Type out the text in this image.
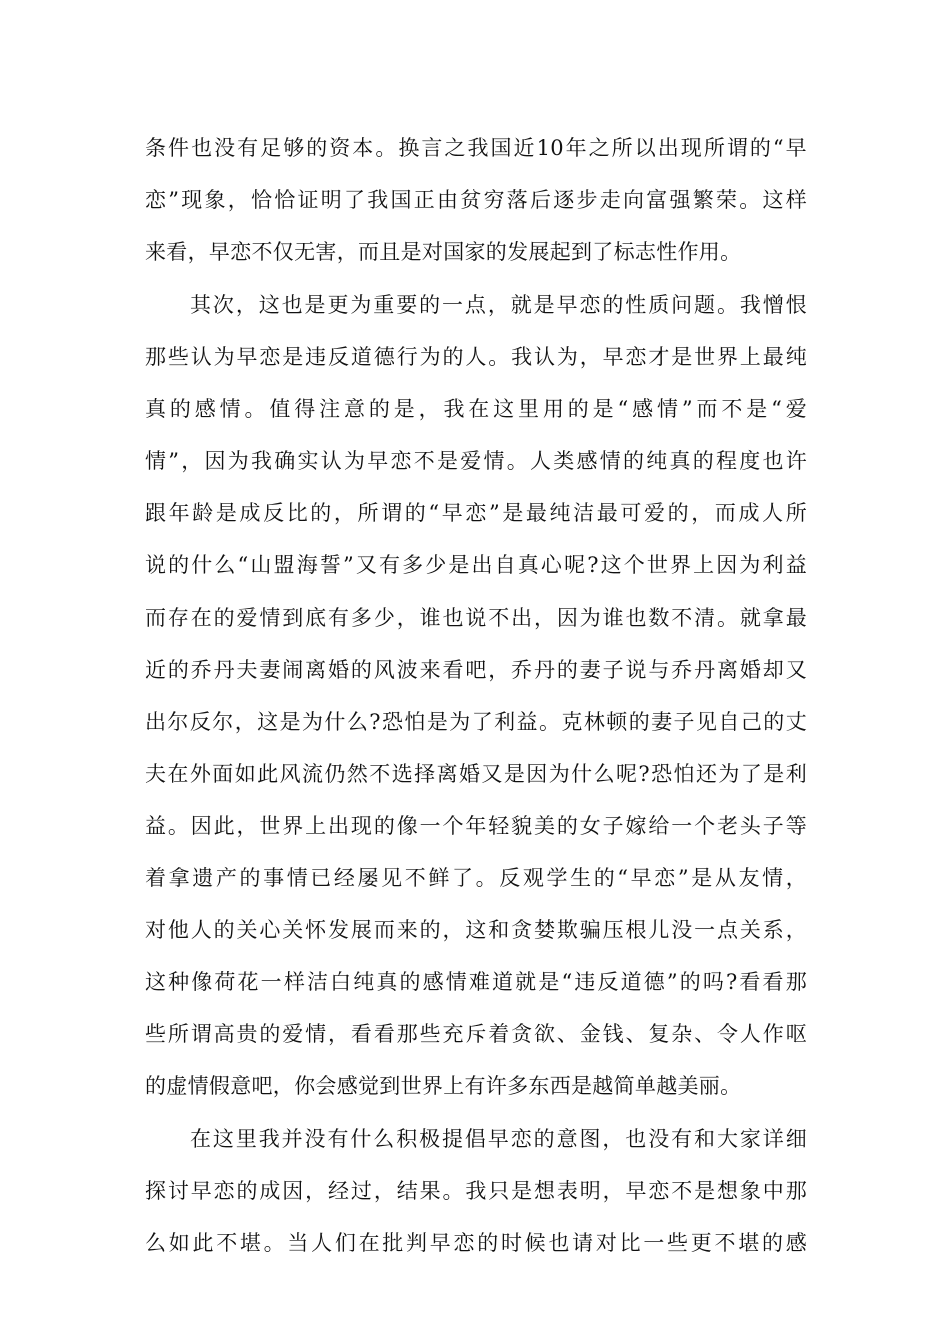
条件也没有足够的资本。换言之我国近10年之所以出现所谓的“早
恋”现象，恰恰证明了我国正由贫穷落后逐步走向富强繁荣。这样
来看，早恋不仅无害，而且是对国家的发展起到了标志性作用。
其次，这也是更为重要的一点，就是早恋的性质问题。我憎恨
那些认为早恋是违反道德行为的人。我认为，早恋才是世界上最纯
真的感情。值得注意的是，我在这里用的是“感情”而不是“爱
情”，因为我确实认为早恋不是爱情。人类感情的纯真的程度也许
跟年龄是成反比的，所谓的“早恋”是最纯洁最可爱的，而成人所
说的什么“山盟海誓”又有多少是出自真心呢?这个世界上因为利益
而存在的爱情到底有多少，谁也说不出，因为谁也数不清。就拿最
近的乔丹夫妻闹离婚的风波来看吧，乔丹的妻子说与乔丹离婚却又
出尔反尔，这是为什么?恐怕是为了利益。克林顿的妻子见自己的丈
夫在外面如此风流仍然不选择离婚又是因为什么呢?恐怕还为了是利
益。因此，世界上出现的像一个年轻貌美的女子嫁给一个老头子等
着拿遗产的事情已经屡见不鲜了。反观学生的“早恋”是从友情，
对他人的关心关怀发展而来的，这和贪婪欺骗压根儿没一点关系，
这种像荷花一样洁白纯真的感情难道就是“违反道德”的吗?看看那
些所谓高贵的爱情，看看那些充斥着贪欲、金钱、复杂、令人作呕
的虚情假意吧，你会感觉到世界上有许多东西是越简单越美丽。
在这里我并没有什么积极提倡早恋的意图，也没有和大家详细
探讨早恋的成因，经过，结果。我只是想表明，早恋不是想象中那
么如此不堪。当人们在批判早恋的时候也请对比一些更不堪的感
